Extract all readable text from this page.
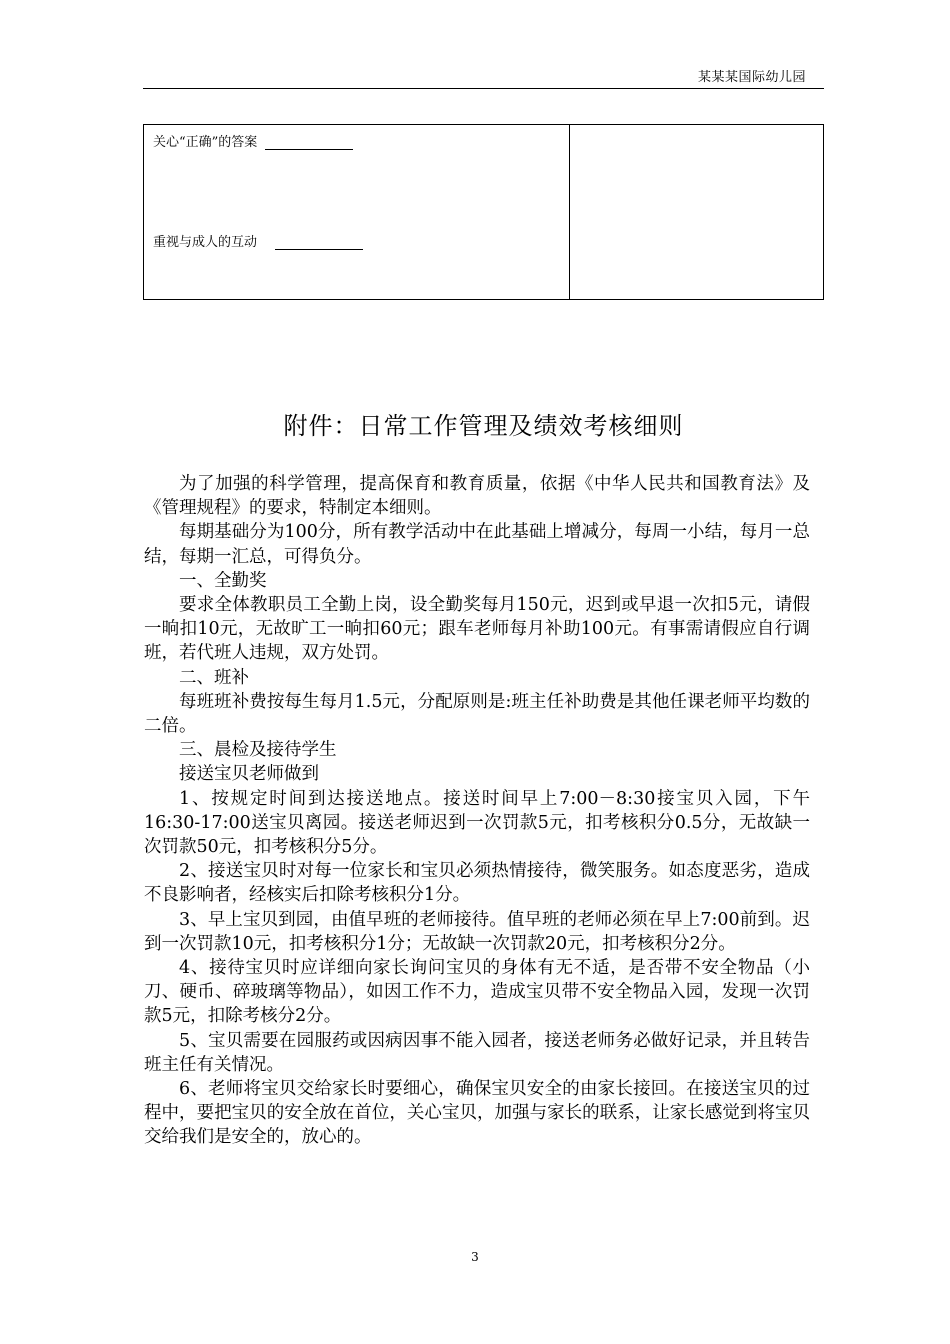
某某某国际幼儿园
关心“正确”的答案
重视与成人的互动
附件：日常工作管理及绩效考核细则

为了加强的科学管理，提高保育和教育质量，依据《中华人民共和国教育法》及《管理规程》的要求，特制定本细则。

每期基础分为100分，所有教学活动中在此基础上增减分，每周一小结，每月一总结，每期一汇总，可得负分。

一、全勤奖

要求全体教职员工全勤上岗，设全勤奖每月150元，迟到或早退一次扣5元，请假一晌扣10元，无故旷工一晌扣60元；跟车老师每月补助100元。有事需请假应自行调班，若代班人违规，双方处罚。

二、班补

每班班补费按每生每月1.5元，分配原则是:班主任补助费是其他任课老师平均数的二倍。

三、晨检及接待学生

接送宝贝老师做到

1、按规定时间到达接送地点。接送时间早上7:00－8:30接宝贝入园，下午16:30-17:00送宝贝离园。接送老师迟到一次罚款5元，扣考核积分0.5分，无故缺一次罚款50元，扣考核积分5分。

2、接送宝贝时对每一位家长和宝贝必须热情接待，微笑服务。如态度恶劣，造成不良影响者，经核实后扣除考核积分1分。

3、早上宝贝到园，由值早班的老师接待。值早班的老师必须在早上7:00前到。迟到一次罚款10元，扣考核积分1分；无故缺一次罚款20元，扣考核积分2分。

4、接待宝贝时应详细向家长询问宝贝的身体有无不适，是否带不安全物品（小刀、硬币、碎玻璃等物品），如因工作不力，造成宝贝带不安全物品入园，发现一次罚款5元，扣除考核分2分。

5、宝贝需要在园服药或因病因事不能入园者，接送老师务必做好记录，并且转告班主任有关情况。

6、老师将宝贝交给家长时要细心，确保宝贝安全的由家长接回。在接送宝贝的过程中，要把宝贝的安全放在首位，关心宝贝，加强与家长的联系，让家长感觉到将宝贝交给我们是安全的，放心的。

3
